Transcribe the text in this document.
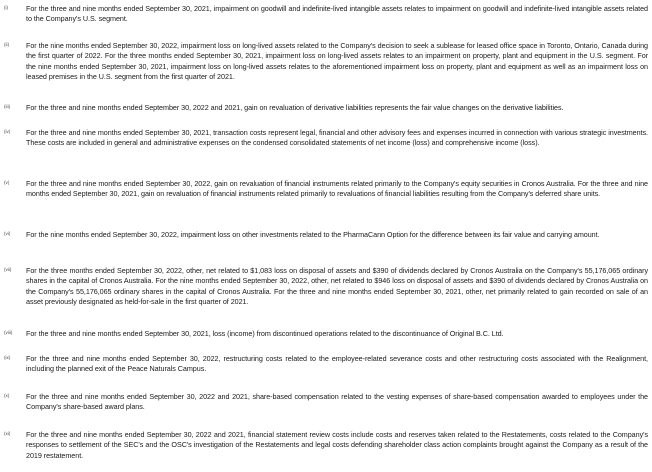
(i) For the three and nine months ended September 30, 2021, impairment on goodwill and indefinite-lived intangible assets relates to impairment on goodwill and indefinite-lived intangible assets related to the Company's U.S. segment.

(ii) For the nine months ended September 30, 2022, impairment loss on long-lived assets related to the Company's decision to seek a sublease for leased office space in Toronto, Ontario, Canada during the first quarter of 2022. For the three months ended September 30, 2021, impairment loss on long-lived assets relates to an impairment on property, plant and equipment in the U.S. segment. For the nine months ended September 30, 2021, impairment loss on long-lived assets relates to the aforementioned impairment loss on property, plant and equipment as well as an impairment loss on leased premises in the U.S. segment from the first quarter of 2021.

(iii) For the three and nine months ended September 30, 2022 and 2021, gain on revaluation of derivative liabilities represents the fair value changes on the derivative liabilities.

(iv) For the three and nine months ended September 30, 2021, transaction costs represent legal, financial and other advisory fees and expenses incurred in connection with various strategic investments. These costs are included in general and administrative expenses on the condensed consolidated statements of net income (loss) and comprehensive income (loss).

(v) For the three and nine months ended September 30, 2022, gain on revaluation of financial instruments related primarily to the Company's equity securities in Cronos Australia. For the three and nine months ended September 30, 2021, gain on revaluation of financial instruments related primarily to revaluations of financial liabilities resulting from the Company's deferred share units.

(vi) For the nine months ended September 30, 2022, impairment loss on other investments related to the PharmaCann Option for the difference between its fair value and carrying amount.

(vii) For the three months ended September 30, 2022, other, net related to $1,083 loss on disposal of assets and $390 of dividends declared by Cronos Australia on the Company's 55,176,065 ordinary shares in the capital of Cronos Australia. For the nine months ended September 30, 2022, other, net related to $946 loss on disposal of assets and $390 of dividends declared by Cronos Australia on the Company's 55,176,065 ordinary shares in the capital of Cronos Australia. For the three and nine months ended September 30, 2021, other, net primarily related to gain recorded on sale of an asset previously designated as held-for-sale in the first quarter of 2021.

(viii) For the three and nine months ended September 30, 2021, loss (income) from discontinued operations related to the discontinuance of Original B.C. Ltd.

(ix) For the three and nine months ended September 30, 2022, restructuring costs related to the employee-related severance costs and other restructuring costs associated with the Realignment, including the planned exit of the Peace Naturals Campus.

(x) For the three and nine months ended September 30, 2022 and 2021, share-based compensation related to the vesting expenses of share-based compensation awarded to employees under the Company's share-based award plans.

(xi) For the three and nine months ended September 30, 2022 and 2021, financial statement review costs include costs and reserves taken related to the Restatements, costs related to the Company's responses to settlement of the SEC's and the OSC's investigation of the Restatements and legal costs defending shareholder class action complaints brought against the Company as a result of the 2019 restatement.
